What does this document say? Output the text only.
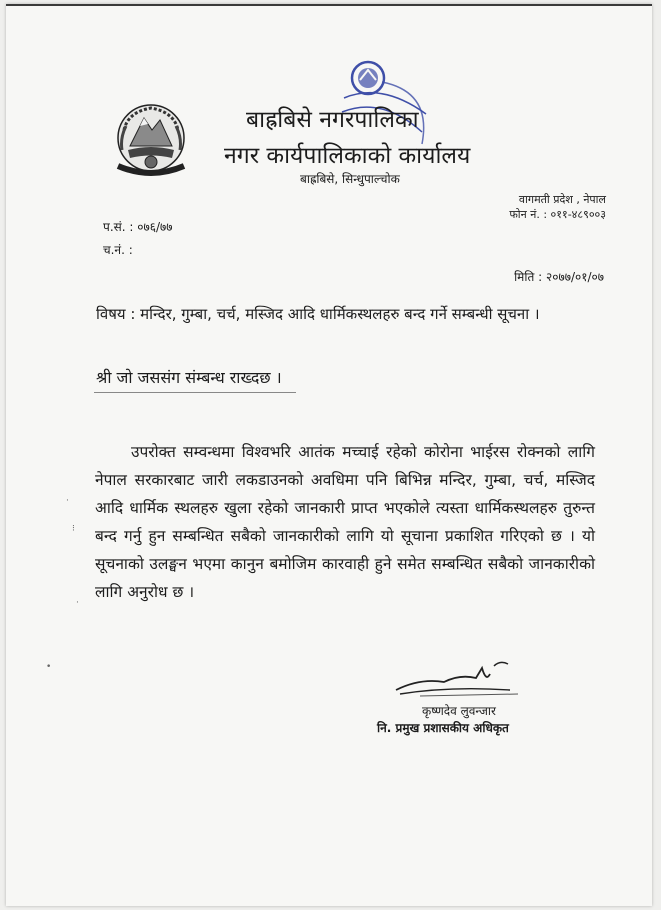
बाह्रबिसे नगरपालिका
नगर कार्यपालिकाको कार्यालय
बाह्रबिसे, सिन्धुपाल्चोक
वागमती प्रदेश , नेपाल
फोन नं. : ०११-४८९००३
प.सं. : ०७६/७७
च.नं. :
मिति : २०७७/०१/०७
विषय : मन्दिर, गुम्बा, चर्च, मस्जिद आदि धार्मिकस्थलहरु बन्द गर्ने सम्बन्धी सूचना ।
श्री जो जससंग संम्बन्ध राख्दछ ।
उपरोक्त सम्वन्धमा विश्वभरि आतंक मच्चाई रहेको कोरोना भाईरस रोक्नको लागि नेपाल सरकारबाट जारी लकडाउनको अवधिमा पनि बिभिन्न मन्दिर, गुम्बा, चर्च, मस्जिद आदि धार्मिक स्थलहरु खुला रहेको जानकारी प्राप्त भएकोले त्यस्ता धार्मिकस्थलहरु तुरुन्त बन्द गर्नु हुन सम्बन्धित सबैको जानकारीको लागि यो सूचाना प्रकाशित गरिएको छ । यो सूचनाको उलङ्घन भएमा कानुन बमोजिम कारवाही हुने समेत सम्बन्धित सबैको जानकारीको लागि अनुरोध छ ।
कृष्णदेव लुवन्जार
नि. प्रमुख प्रशासकीय अधिकृत
·
⁝
·
•
